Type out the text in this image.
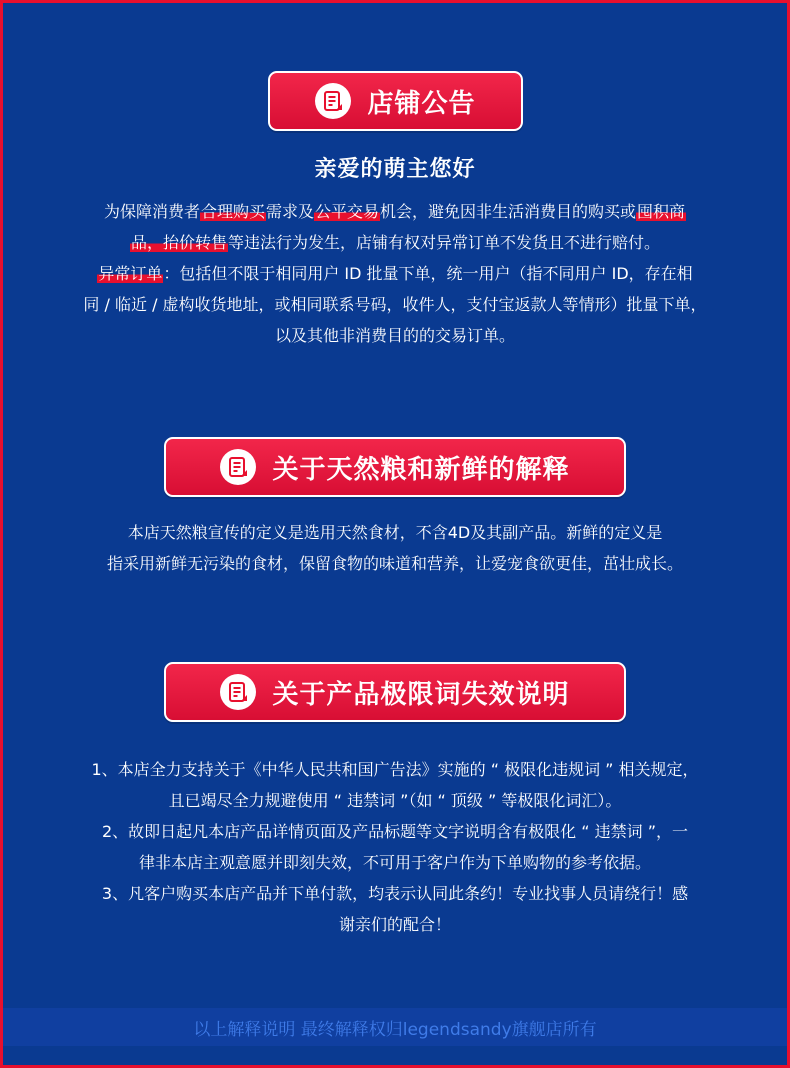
店铺公告
亲爱的萌主您好
为保障消费者合理购买需求及公平交易机会，避免因非生活消费目的购买或囤积商
品，抬价转售等违法行为发生，店铺有权对异常订单不发货且不进行赔付。
异常订单：包括但不限于相同用户 ID 批量下单，统一用户（指不同用户 ID，存在相
同 / 临近 / 虚构收货地址，或相同联系号码，收件人，支付宝返款人等情形）批量下单，
以及其他非消费目的的交易订单。
关于天然粮和新鲜的解释
本店天然粮宣传的定义是选用天然食材，不含4D及其副产品。新鲜的定义是
指采用新鲜无污染的食材，保留食物的味道和营养，让爱宠食欲更佳，茁壮成长。
关于产品极限词失效说明
1、本店全力支持关于《中华人民共和国广告法》实施的 “ 极限化违规词 ” 相关规定，
且已竭尽全力规避使用 “ 违禁词 ”（如 “ 顶级 ” 等极限化词汇）。
2、故即日起凡本店产品详情页面及产品标题等文字说明含有极限化 “ 违禁词 ”，一
律非本店主观意愿并即刻失效，不可用于客户作为下单购物的参考依据。
3、凡客户购买本店产品并下单付款，均表示认同此条约！专业找事人员请绕行！感
谢亲们的配合！
以上解释说明 最终解释权归legendsandy旗舰店所有
